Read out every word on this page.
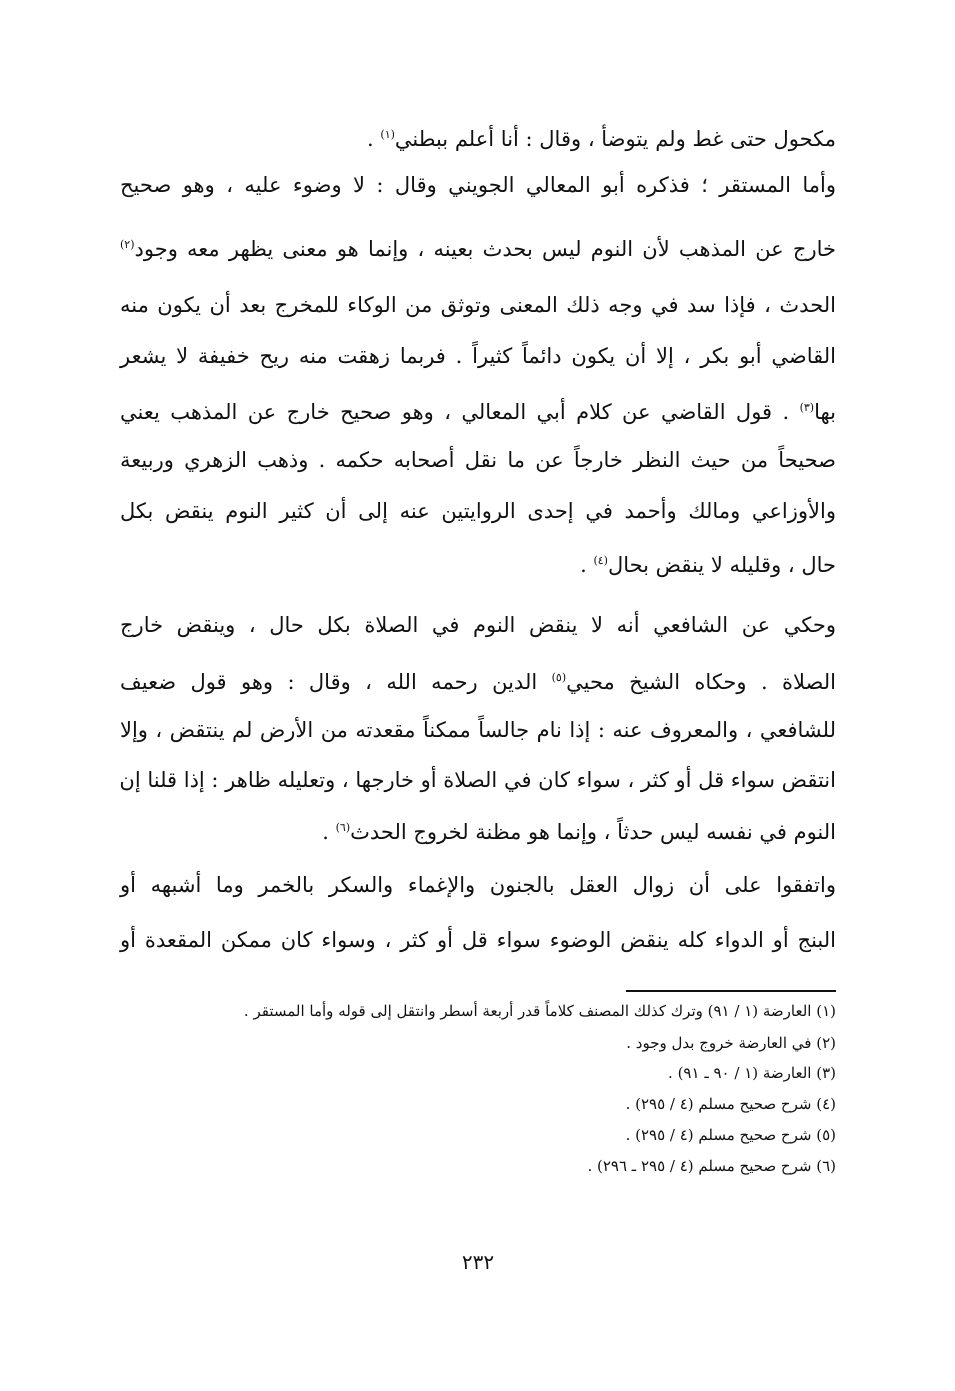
مكحول حتى غط ولم يتوضأ ، وقال : أنا أعلم ببطني$^{(١)}$ .
وأما المستقر ؛ فذكره أبو المعالي الجويني وقال : لا وضوء عليه ، وهو صحيح
خارج عن المذهب لأن النوم ليس بحدث بعينه ، وإنما هو معنى يظهر معه وجود$^{(٢)}$
الحدث ، فإذا سد في وجه ذلك المعنى وتوثق من الوكاء للمخرج بعد أن يكون منه
القاضي أبو بكر ، إلا أن يكون دائماً كثيراً . فربما زهقت منه ريح خفيفة لا يشعر
بها$^{(٣)}$ . قول القاضي عن كلام أبي المعالي ، وهو صحيح خارج عن المذهب يعني
صحيحاً من حيث النظر خارجاً عن ما نقل أصحابه حكمه . وذهب الزهري وربيعة
والأوزاعي ومالك وأحمد في إحدى الروايتين عنه إلى أن كثير النوم ينقض بكل
حال ، وقليله لا ينقض بحال$^{(٤)}$ .
وحكي عن الشافعي أنه لا ينقض النوم في الصلاة بكل حال ، وينقض خارج
الصلاة . وحكاه الشيخ محيي$^{(٥)}$ الدين رحمه الله ، وقال : وهو قول ضعيف
للشافعي ، والمعروف عنه : إذا نام جالساً ممكناً مقعدته من الأرض لم ينتقض ، وإلا
انتقض سواء قل أو كثر ، سواء كان في الصلاة أو خارجها ، وتعليله ظاهر : إذا قلنا إن
النوم في نفسه ليس حدثاً ، وإنما هو مظنة لخروج الحدث$^{(٦)}$ .
واتفقوا على أن زوال العقل بالجنون والإغماء والسكر بالخمر وما أشبهه أو
البنج أو الدواء كله ينقض الوضوء سواء قل أو كثر ، وسواء كان ممكن المقعدة أو
(١) العارضة (١ / ٩١) وترك كذلك المصنف كلاماً قدر أربعة أسطر وانتقل إلى قوله وأما المستقر .
(٢) في العارضة خروج بدل وجود .
(٣) العارضة (١ / ٩٠ ـ ٩١) .
(٤) شرح صحيح مسلم (٤ / ٢٩٥) .
(٥) شرح صحيح مسلم (٤ / ٢٩٥) .
(٦) شرح صحيح مسلم (٤ / ٢٩٥ ـ ٢٩٦) .
٢٣٢
